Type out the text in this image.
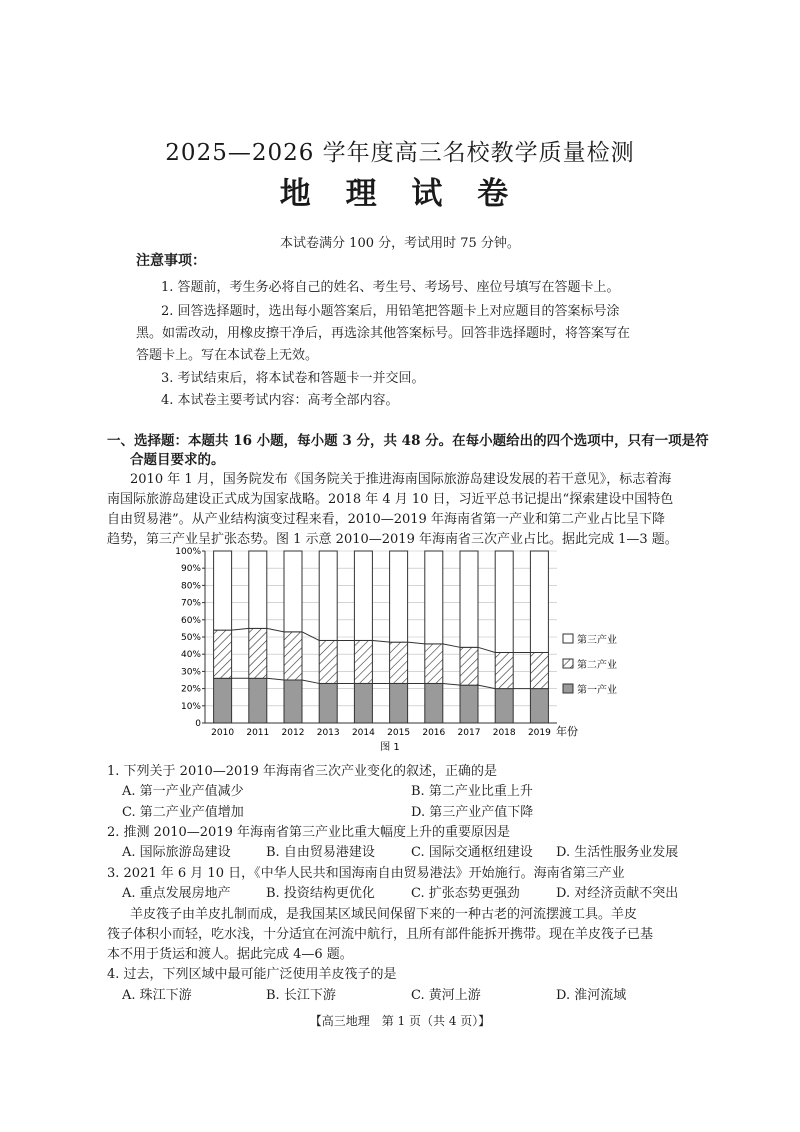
2025—2026 学年度高三名校教学质量检测
地 理 试 卷
本试卷满分 100 分，考试用时 75 分钟。
注意事项：
1. 答题前，考生务必将自己的姓名、考生号、考场号、座位号填写在答题卡上。
2. 回答选择题时，选出每小题答案后，用铅笔把答题卡上对应题目的答案标号涂
黑。如需改动，用橡皮擦干净后，再选涂其他答案标号。回答非选择题时，将答案写在
答题卡上。写在本试卷上无效。
3. 考试结束后，将本试卷和答题卡一并交回。
4. 本试卷主要考试内容：高考全部内容。
一、选择题：本题共 16 小题，每小题 3 分，共 48 分。在每小题给出的四个选项中，只有一项是符
合题目要求的。
2010 年 1 月，国务院发布《国务院关于推进海南国际旅游岛建设发展的若干意见》，标志着海
南国际旅游岛建设正式成为国家战略。2018 年 4 月 10 日，习近平总书记提出“探索建设中国特色
自由贸易港”。从产业结构演变过程来看，2010—2019 年海南省第一产业和第二产业占比呈下降
趋势，第三产业呈扩张态势。图 1 示意 2010—2019 年海南省三次产业占比。据此完成 1—3 题。
0
10%
20%
30%
40%
50%
60%
70%
80%
90%
100%
2010 2011 2012 2013 2014 2015 2016 2017 2018 2019 年份
图 1
第三产业
第二产业
第一产业
1. 下列关于 2010—2019 年海南省三次产业变化的叙述，正确的是
A. 第一产业产值减少	B. 第二产业比重上升
C. 第二产业产值增加	D. 第三产业产值下降
2. 推测 2010—2019 年海南省第三产业比重大幅度上升的重要原因是
A. 国际旅游岛建设	B. 自由贸易港建设	C. 国际交通枢纽建设 D. 生活性服务业发展
3. 2021 年 6 月 10 日，《中华人民共和国海南自由贸易港法》开始施行。海南省第三产业
A. 重点发展房地产	B. 投资结构更优化	C. 扩张态势更强劲	D. 对经济贡献不突出
羊皮筏子由羊皮扎制而成，是我国某区域民间保留下来的一种古老的河流摆渡工具。羊皮
筏子体积小而轻，吃水浅，十分适宜在河流中航行，且所有部件能拆开携带。现在羊皮筏子已基
本不用于货运和渡人。据此完成 4—6 题。
4. 过去，下列区域中最可能广泛使用羊皮筏子的是
A. 珠江下游	B. 长江下游	C. 黄河上游	D. 淮河流域
【高三地理　第 1 页（共 4 页）】
